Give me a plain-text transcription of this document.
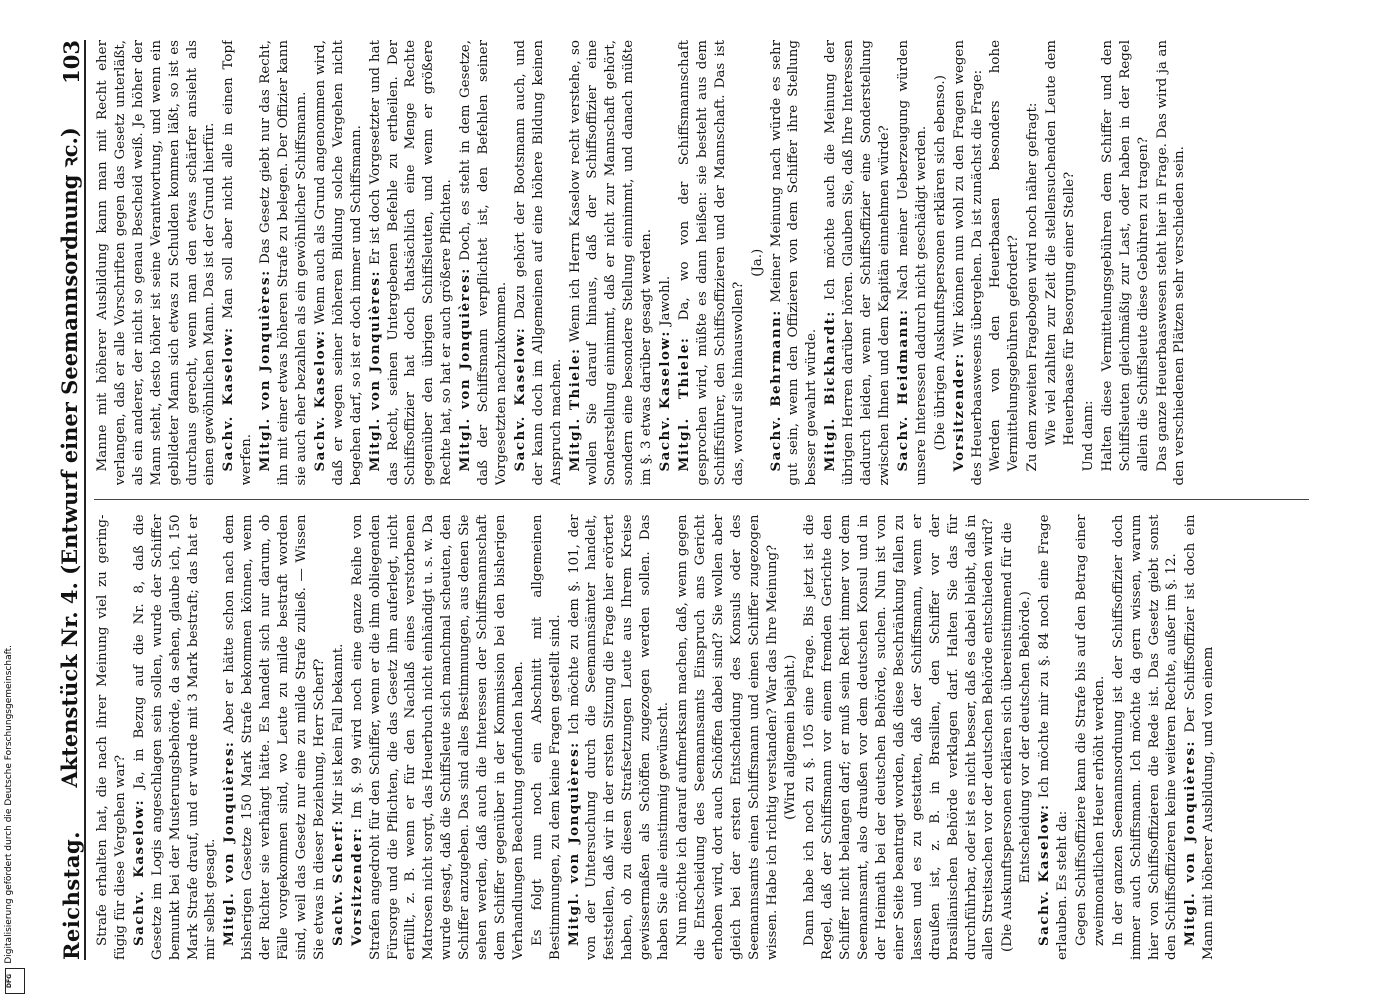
Reichstag.
Aktenstück Nr. 4. (Entwurf einer Seemannsordnung ꝛc.)
103

Strafe erhalten hat, die nach ihrer Meinung viel zu gering-fügig für diese Vergehen war? Sachv. Kaselow: Ja, in Bezug auf die Nr. 8, daß die Gesetze im Logis angeschlagen sein sollen, wurde der Schiffer bemunkt bei der Musterungsbehörde, da sehen, glaube ich, 150 Mark Strafe drauf, und er wurde mit 3 Mark bestraft; das hat er mir selbst gesagt. Mitgl. von Jonquières: Aber er hätte schon nach dem bisherigen Gesetze 150 Mark Strafe bekommen können, wenn der Richter sie verhängt hätte. Es handelt sich nur darum, ob Fälle vorgekommen sind, wo Leute zu milde bestraft worden sind, weil das Gesetz nur eine zu milde Strafe zuließ. — Wissen Sie etwas in dieser Beziehung, Herr Scherf? Sachv. Scherf: Mir ist kein Fall bekannt.

Vorsitzender: Im §. 99 wird noch eine ganze Reihe von Strafen angedroht für den Schiffer, wenn er die ihm obliegenden Fürsorge und die Pflichten, die das Gesetz ihm auferlegt, nicht erfüllt, z. B. wenn er für den Nachlaß eines verstorbenen Matrosen nicht sorgt, das Heuerbuch nicht einhändigt u. s. w. Da wurde gesagt, daß die Schiffsleute sich manchmal scheuten, den Schiffer anzugeben. Das sind alles Bestimmungen, aus denen Sie sehen werden, daß auch die Interessen der Schiffsmannschaft dem Schiffer gegenüber in der Kommission bei den bisherigen Verhandlungen Beachtung gefunden haben. Es folgt nun noch ein Abschnitt mit allgemeinen Bestimmungen, zu dem keine Fragen gestellt sind. Mitgl. von Jonquières: Ich möchte zu dem §. 101, der von der Untersuchung durch die Seemannsämter handelt, feststellen, daß wir in der ersten Sitzung die Frage hier erörtert haben, ob zu diesen Strafsetzungen Leute aus Ihrem Kreise gewissermaßen als Schöffen zugezogen werden sollen. Das haben Sie alle einstimmig gewünscht. Nun möchte ich darauf aufmerksam machen, daß, wenn gegen die Entscheidung des Seemannsamts Einspruch ans Gericht erhoben wird, dort auch Schöffen dabei sind? Sie wollen aber gleich bei der ersten Entscheidung des Konsuls oder des Seemannsamts einen Schiffsmann und einen Schiffer zugezogen wissen. Habe ich richtig verstanden? War das Ihre Meinung? (Wird allgemein bejaht.) Dann habe ich noch zu §. 105 eine Frage. Bis jetzt ist die Regel, daß der Schiffsmann vor einem fremden Gerichte den Schiffer nicht belangen darf; er muß sein Recht immer vor dem Seemannsamt, also draußen vor dem deutschen Konsul und in der Heimath bei der deutschen Behörde, suchen. Nun ist von einer Seite beantragt worden, daß diese Beschränkung fallen zu lassen und es zu gestatten, daß der Schiffsmann, wenn er draußen ist, z. B. in Brasilien, den Schiffer vor der brasilianischen Behörde verklagen darf. Halten Sie das für durchführbar, oder ist es nicht besser, daß es dabei bleibt, daß in allen Streitsachen vor der deutschen Behörde entschieden wird? (Die Auskunftspersonen erklären sich übereinstimmend für die Entscheidung vor der deutschen Behörde.) Sachv. Kaselow: Ich möchte mir zu §. 84 noch eine Frage erlauben. Es steht da: Gegen Schiffsoffiziere kann die Strafe bis auf den Betrag einer zweimonatlichen Heuer erhöht werden. In der ganzen Seemannsordnung ist der Schiffsoffizier doch immer auch Schiffsmann. Ich möchte da gern wissen, warum hier von Schiffsoffizieren die Rede ist. Das Gesetz giebt sonst den Schiffsoffizieren keine weiteren Rechte, außer im §. 12. Mitgl. von Jonquières: Der Schiffsoffizier ist doch ein Mann mit höherer Ausbildung, und von einem

Manne mit höherer Ausbildung kann man mit Recht eher verlangen, daß er alle Vorschriften gegen das Gesetz unterläßt, als ein anderer, der nicht so genau Bescheid weiß. Je höher der Mann steht, desto höher ist seine Verantwortung, und wenn ein gebildeter Mann sich etwas zu Schulden kommen läßt, so ist es durchaus gerecht, wenn man den etwas schärfer ansieht als einen gewöhnlichen Mann. Das ist der Grund hierfür. Sachv. Kaselow: Man soll aber nicht alle in einen Topf werfen. Mitgl. von Jonquières: Das Gesetz giebt nur das Recht, ihn mit einer etwas höheren Strafe zu belegen. Der Offizier kann sie auch eher bezahlen als ein gewöhnlicher Schiffsmann. Sachv. Kaselow: Wenn auch als Grund angenommen wird, daß er wegen seiner höheren Bildung solche Vergehen nicht begehen darf, so ist er doch immer und Schiffsmann. Mitgl. von Jonquières: Er ist doch Vorgesetzter und hat das Recht, seinen Untergebenen Befehle zu ertheilen. Der Schiffsoffizier hat doch thatsächlich eine Menge Rechte gegenüber den übrigen Schiffsleuten, und wenn er größere Rechte hat, so hat er auch größere Pflichten. Mitgl. von Jonquières: Doch, es steht in dem Gesetze, daß der Schiffsmann verpflichtet ist, den Befehlen seiner Vorgesetzten nachzukommen. Sachv. Kaselow: Dazu gehört der Bootsmann auch, und der kann doch im Allgemeinen auf eine höhere Bildung keinen Anspruch machen. Mitgl. Thiele: Wenn ich Herrn Kaselow recht verstehe, so wollen Sie darauf hinaus, daß der Schiffsoffizier eine Sonderstellung einnimmt, daß er nicht zur Mannschaft gehört, sondern eine besondere Stellung einnimmt, und danach müßte im §. 3 etwas darüber gesagt werden. Sachv. Kaselow: Jawohl.

Mitgl. Thiele: Da, wo von der Schiffsmannschaft gesprochen wird, müßte es dann heißen: sie besteht aus dem Schiffsführer, den Schiffsoffizieren und der Mannschaft. Das ist das, worauf sie hinauswollen?

(Ja.)

Sachv. Behrmann: Meiner Meinung nach würde es sehr gut sein, wenn den Offizieren von dem Schiffer ihre Stellung besser gewahrt würde. Mitgl. Bickhardt: Ich möchte auch die Meinung der übrigen Herren darüber hören. Glauben Sie, daß Ihre Interessen dadurch leiden, wenn der Schiffsoffizier eine Sonderstellung zwischen Ihnen und dem Kapitän einnehmen würde? Sachv. Heidmann: Nach meiner Ueberzeugung würden unsere Interessen dadurch nicht geschädigt werden. (Die übrigen Auskunftspersonen erklären sich ebenso.) Vorsitzender: Wir können nun wohl zu den Fragen wegen des Heuerbaaswesens übergehen. Da ist zunächst die Frage: Werden von den Heuerbaasen besonders hohe Vermittelungsgebühren gefordert? Zu dem zweiten Fragebogen wird noch näher gefragt: Wie viel zahlten zur Zeit die stellensuchenden Leute dem Heuerbaase für Besorgung einer Stelle? Und dann: Halten diese Vermittelungsgebühren dem Schiffer und den Schiffsleuten gleichmäßig zur Last, oder haben in der Regel allein die Schiffsleute diese Gebühren zu tragen? Das ganze Heuerbaaswesen steht hier in Frage. Das wird ja an den verschiedenen Plätzen sehr verschieden sein.

Digitalisierung gefördert durch die Deutsche Forschungsgemeinschaft.
DFG
